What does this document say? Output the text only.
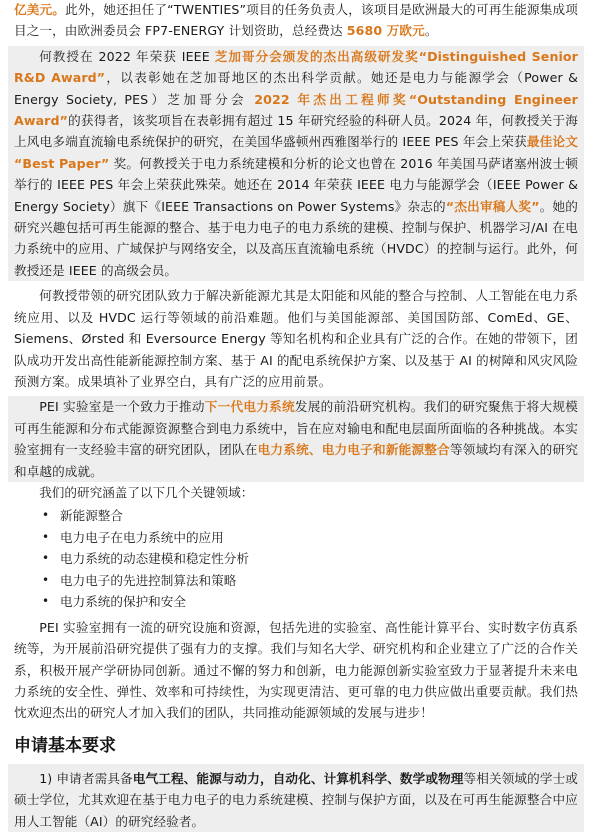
亿美元。此外，她还担任了“TWENTIES”项目的任务负责人，该项目是欧洲最大的可再生能源集成项目之一，由欧洲委员会 FP7-ENERGY 计划资助，总经费达 5680 万欧元。

何教授在 2022 年荣获 IEEE 芝加哥分会颁发的杰出高级研发奖“Distinguished Senior R&D Award”，以表彰她在芝加哥地区的杰出科学贡献。她还是电力与能源学会（Power & Energy Society, PES）芝加哥分会 2022 年杰出工程师奖“Outstanding Engineer Award”的获得者，该奖项旨在表彰拥有超过 15 年研究经验的科研人员。2024 年，何教授关于海上风电多端直流输电系统保护的研究，在美国华盛顿州西雅图举行的 IEEE PES 年会上荣获最佳论文 “Best Paper” 奖。何教授关于电力系统建模和分析的论文也曾在 2016 年美国马萨诸塞州波士顿举行的 IEEE PES 年会上荣获此殊荣。她还在 2014 年荣获 IEEE 电力与能源学会（IEEE Power & Energy Society）旗下《IEEE Transactions on Power Systems》杂志的“杰出审稿人奖”。她的研究兴趣包括可再生能源的整合、基于电力电子的电力系统的建模、控制与保护、机器学习/AI 在电力系统中的应用、广域保护与网络安全，以及高压直流输电系统（HVDC）的控制与运行。此外，何教授还是 IEEE 的高级会员。

何教授带领的研究团队致力于解决新能源尤其是太阳能和风能的整合与控制、人工智能在电力系统应用、以及 HVDC 运行等领域的前沿难题。他们与美国能源部、美国国防部、ComEd、GE、Siemens、Ørsted 和 Eversource Energy 等知名机构和企业具有广泛的合作。在她的带领下，团队成功开发出高性能新能源控制方案、基于 AI 的配电系统保护方案、以及基于 AI 的树障和风灾风险预测方案。成果填补了业界空白，具有广泛的应用前景。

PEI 实验室是一个致力于推动下一代电力系统发展的前沿研究机构。我们的研究聚焦于将大规模可再生能源和分布式能源资源整合到电力系统中，旨在应对输电和配电层面所面临的各种挑战。本实验室拥有一支经验丰富的研究团队，团队在电力系统、电力电子和新能源整合等领域均有深入的研究和卓越的成就。

我们的研究涵盖了以下几个关键领域：

• 新能源整合
• 电力电子在电力系统中的应用
• 电力系统的动态建模和稳定性分析
• 电力电子的先进控制算法和策略
• 电力系统的保护和安全

PEI 实验室拥有一流的研究设施和资源，包括先进的实验室、高性能计算平台、实时数字仿真系统等，为开展前沿研究提供了强有力的支撑。我们与知名大学、研究机构和企业建立了广泛的合作关系，积极开展产学研协同创新。通过不懈的努力和创新，电力能源创新实验室致力于显著提升未来电力系统的安全性、弹性、效率和可持续性，为实现更清洁、更可靠的电力供应做出重要贡献。我们热忱欢迎杰出的研究人才加入我们的团队，共同推动能源领域的发展与进步！

申请基本要求

1) 申请者需具备电气工程、能源与动力，自动化、计算机科学、数学或物理等相关领域的学士或硕士学位，尤其欢迎在基于电力电子的电力系统建模、控制与保护方面，以及在可再生能源整合中应用人工智能（AI）的研究经验者。
